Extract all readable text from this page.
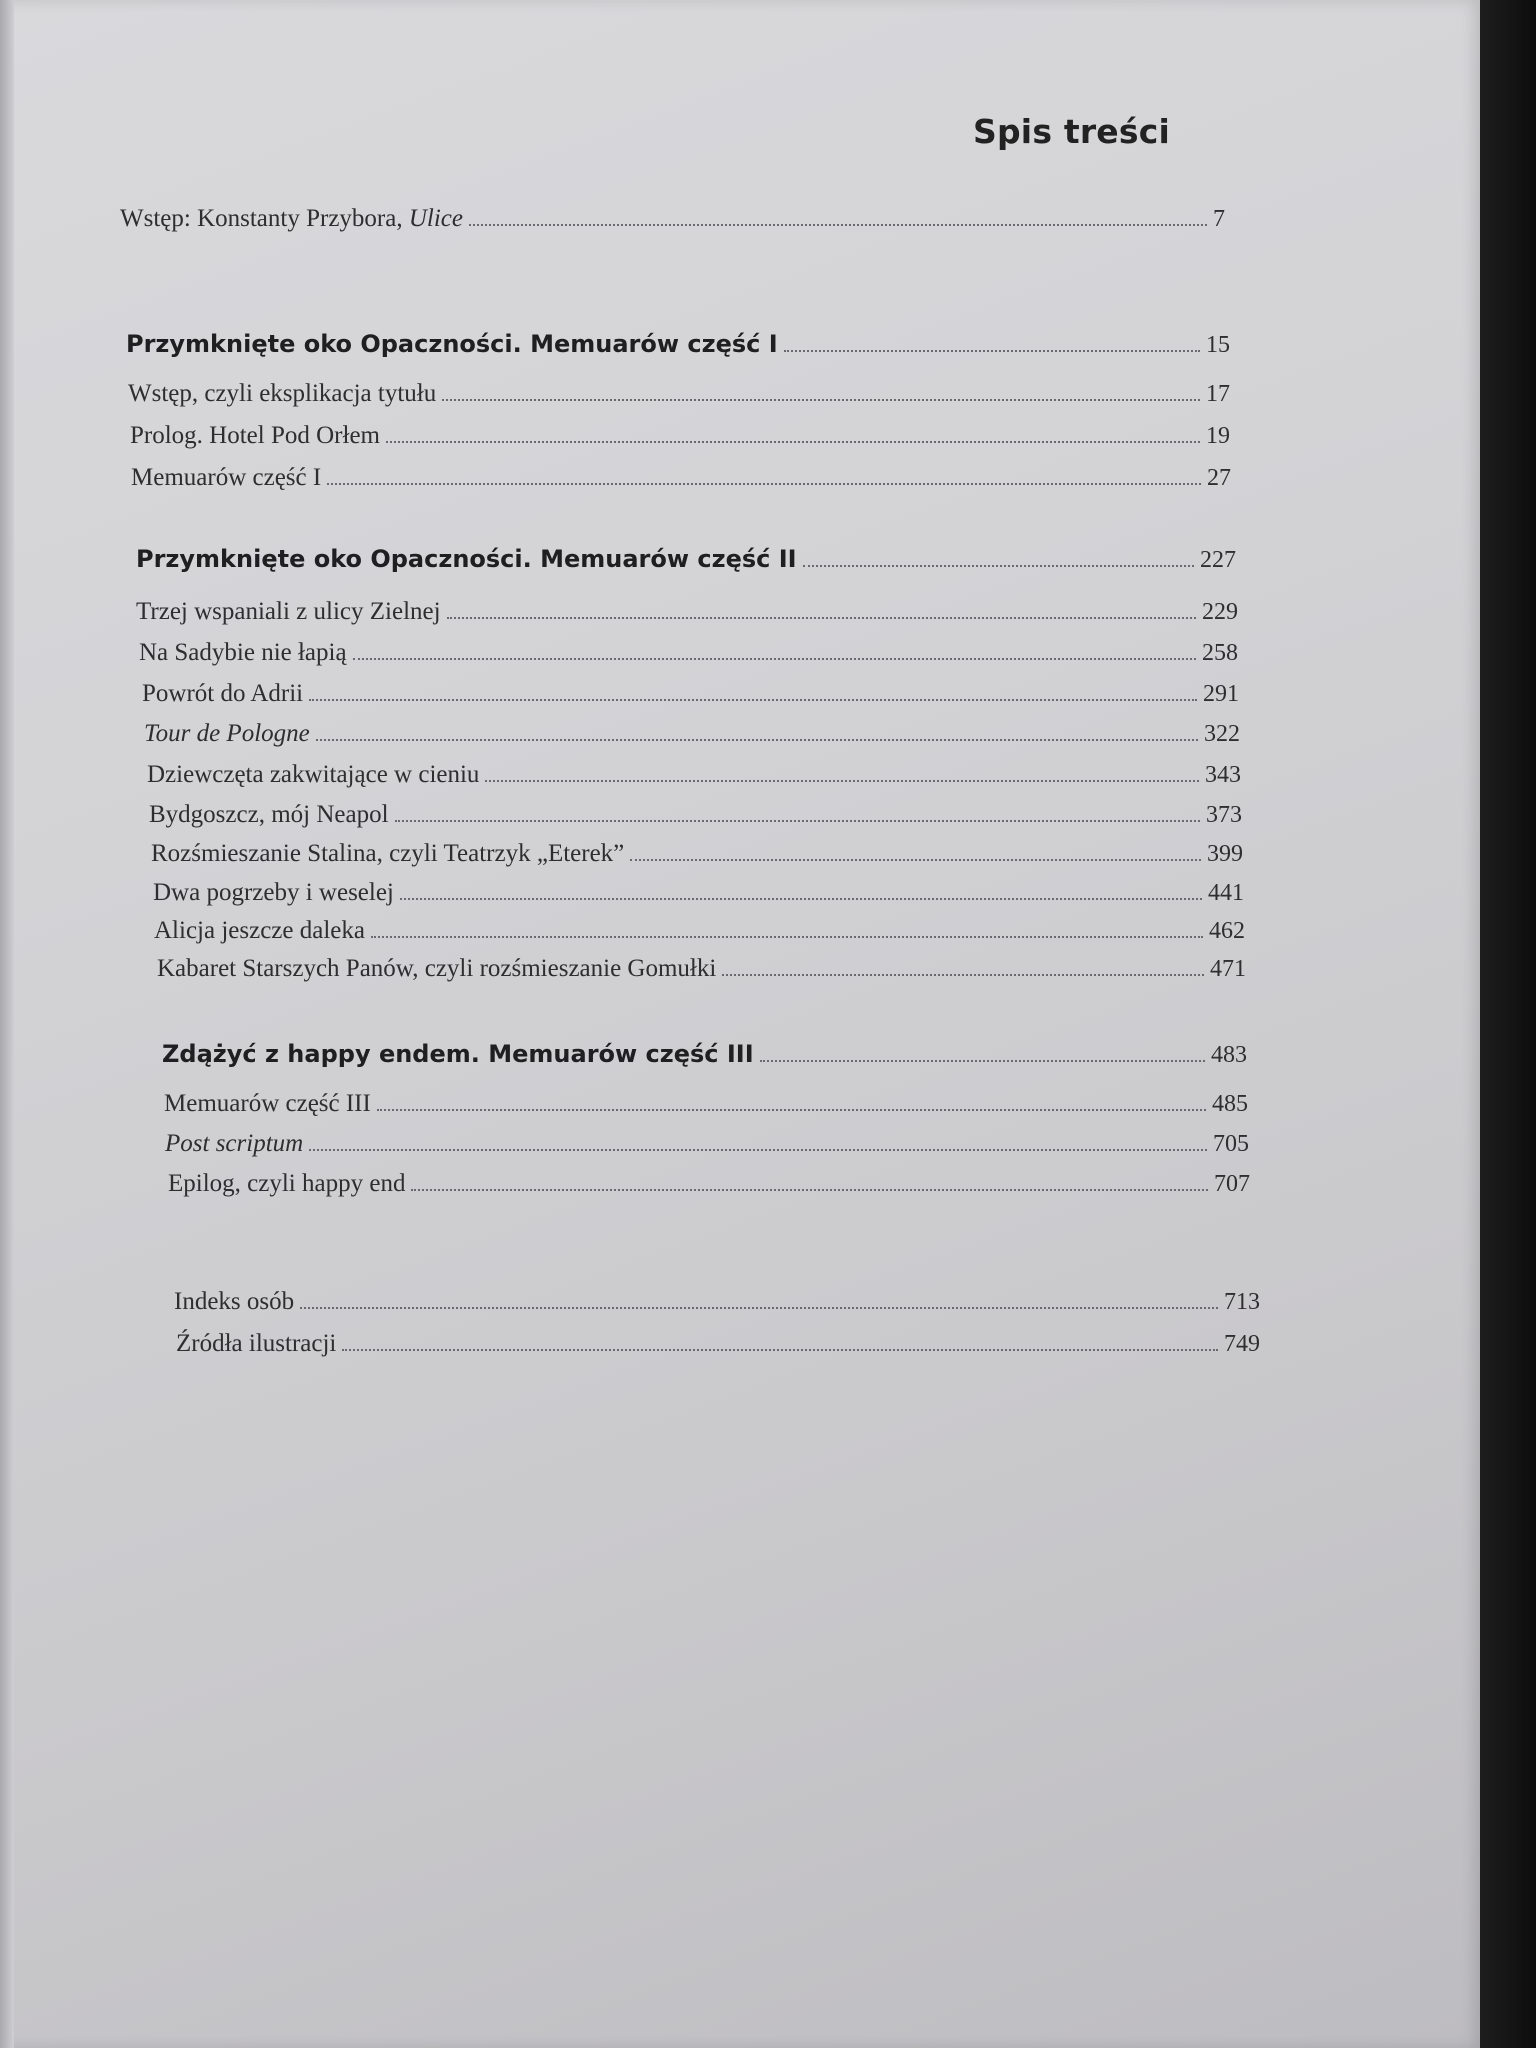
Spis treści
Wstęp: Konstanty Przybora, Ulice	7
Przymknięte oko Opaczności. Memuarów część I	15
Wstęp, czyli eksplikacja tytułu	17
Prolog. Hotel Pod Orłem	19
Memuarów część I	27
Przymknięte oko Opaczności. Memuarów część II	227
Trzej wspaniali z ulicy Zielnej	229
Na Sadybie nie łapią	258
Powrót do Adrii	291
Tour de Pologne	322
Dziewczęta zakwitające w cieniu	343
Bydgoszcz, mój Neapol	373
Rozśmieszanie Stalina, czyli Teatrzyk „Eterek”	399
Dwa pogrzeby i weselej	441
Alicja jeszcze daleka	462
Kabaret Starszych Panów, czyli rozśmieszanie Gomułki	471
Zdążyć z happy endem. Memuarów część III	483
Memuarów część III	485
Post scriptum	705
Epilog, czyli happy end	707
Indeks osób	713
Źródła ilustracji	749
